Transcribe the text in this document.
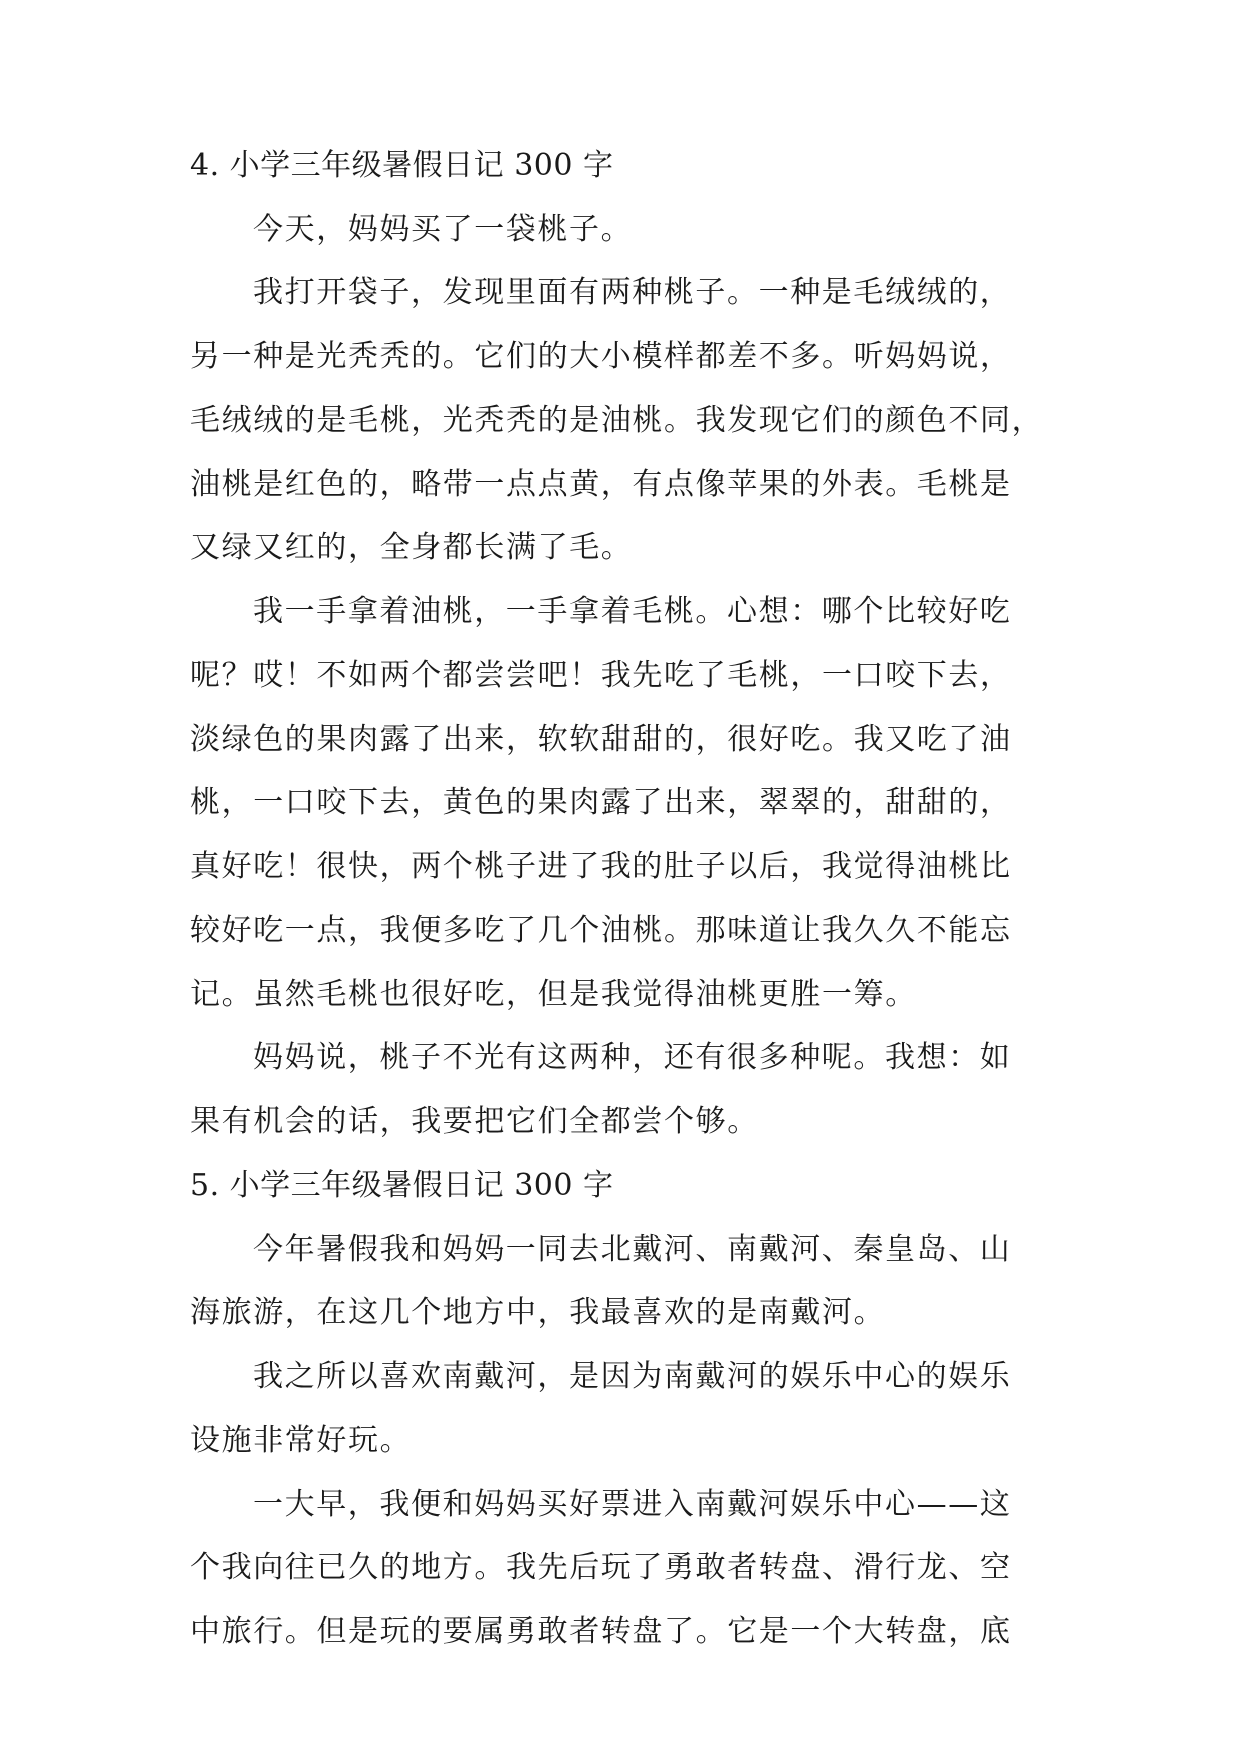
4. 小学三年级暑假日记 300 字
今天，妈妈买了一袋桃子。
我打开袋子，发现里面有两种桃子。一种是毛绒绒的，
另一种是光秃秃的。它们的大小模样都差不多。听妈妈说，
毛绒绒的是毛桃，光秃秃的是油桃。我发现它们的颜色不同，
油桃是红色的，略带一点点黄，有点像苹果的外表。毛桃是
又绿又红的，全身都长满了毛。
我一手拿着油桃，一手拿着毛桃。心想：哪个比较好吃
呢？哎！不如两个都尝尝吧！我先吃了毛桃，一口咬下去，
淡绿色的果肉露了出来，软软甜甜的，很好吃。我又吃了油
桃，一口咬下去，黄色的果肉露了出来，翠翠的，甜甜的，
真好吃！很快，两个桃子进了我的肚子以后，我觉得油桃比
较好吃一点，我便多吃了几个油桃。那味道让我久久不能忘
记。虽然毛桃也很好吃，但是我觉得油桃更胜一筹。
妈妈说，桃子不光有这两种，还有很多种呢。我想：如
果有机会的话，我要把它们全都尝个够。
5. 小学三年级暑假日记 300 字
今年暑假我和妈妈一同去北戴河、南戴河、秦皇岛、山
海旅游，在这几个地方中，我最喜欢的是南戴河。
我之所以喜欢南戴河，是因为南戴河的娱乐中心的娱乐
设施非常好玩。
一大早，我便和妈妈买好票进入南戴河娱乐中心——这
个我向往已久的地方。我先后玩了勇敢者转盘、滑行龙、空
中旅行。但是玩的要属勇敢者转盘了。它是一个大转盘，底
